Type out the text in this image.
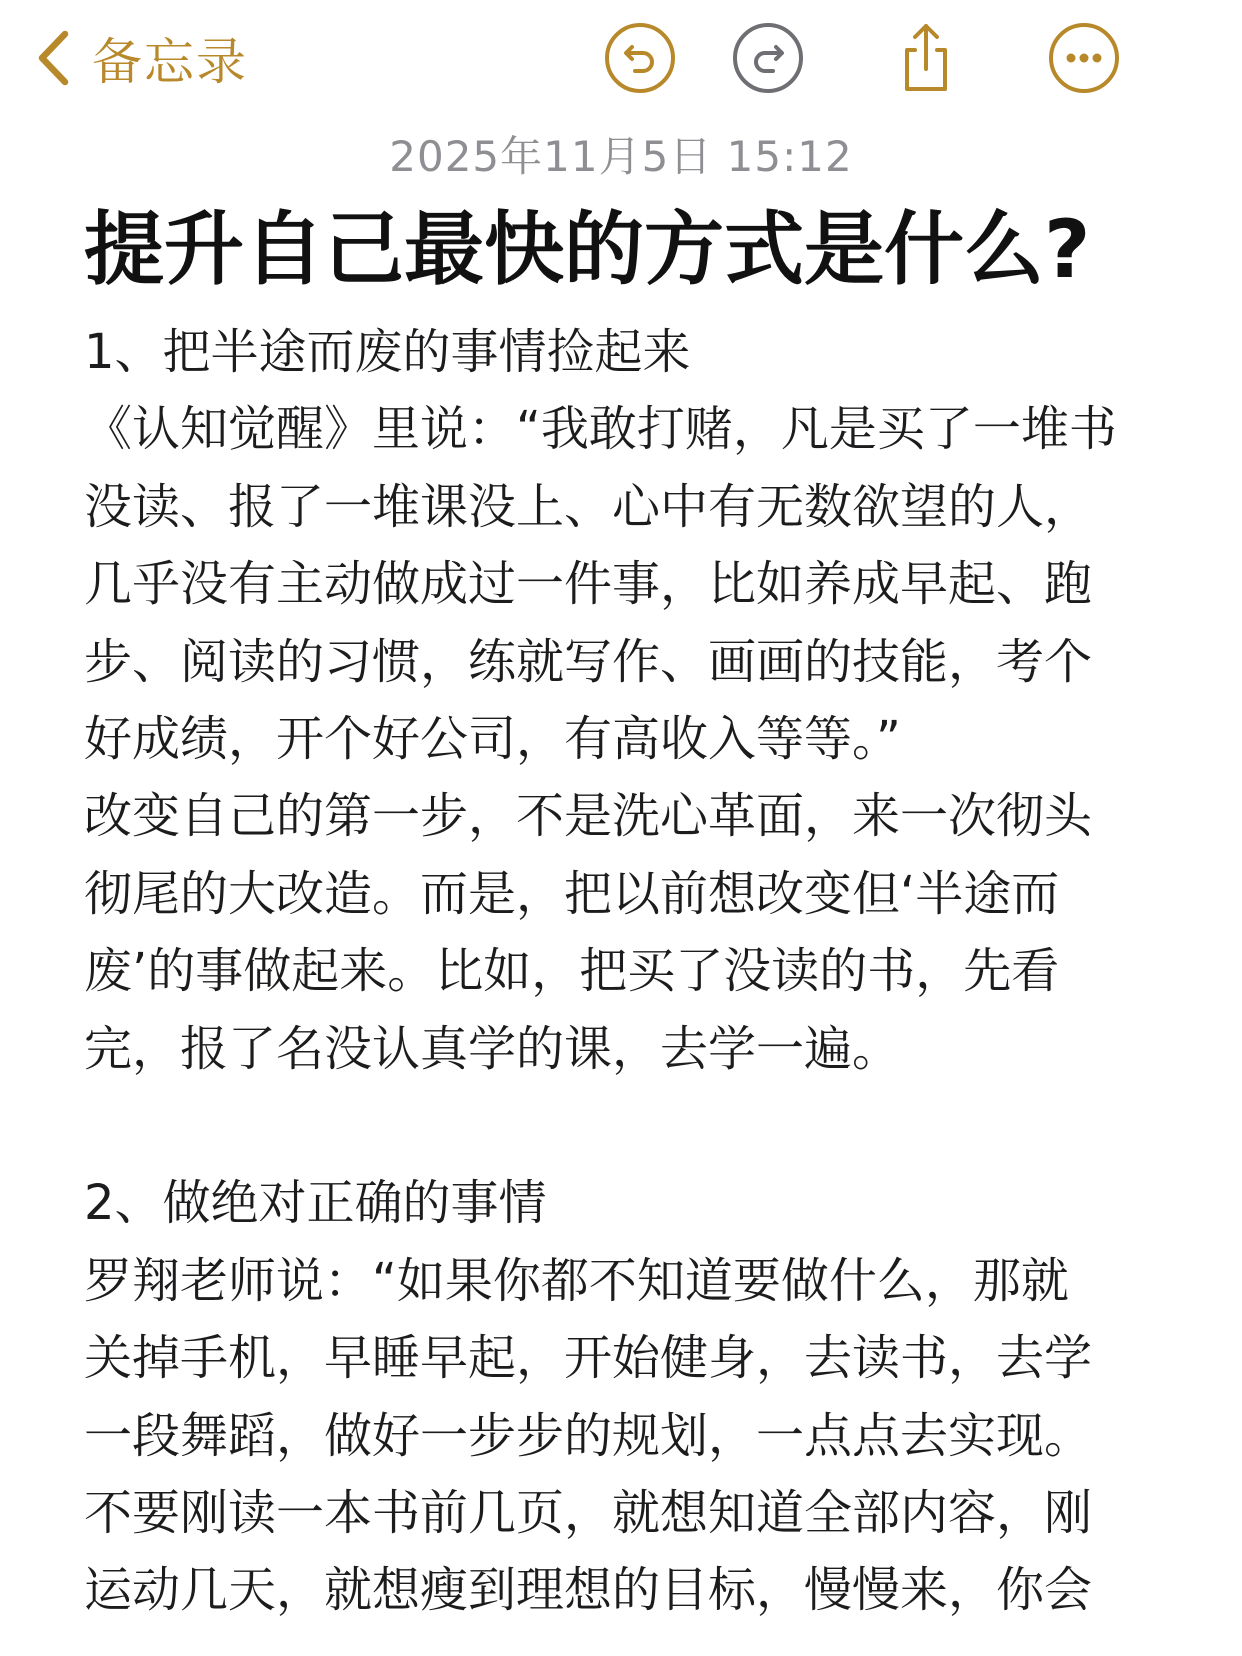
备忘录
2025年11月5日 15:12
提升自己最快的方式是什么?

1、把半途而废的事情捡起来

《认知觉醒》里说：“我敢打赌，凡是买了一堆书

没读、报了一堆课没上、心中有无数欲望的人，

几乎没有主动做成过一件事，比如养成早起、跑

步、阅读的习惯，练就写作、画画的技能，考个

好成绩，开个好公司，有高收入等等。”

改变自己的第一步，不是洗心革面，来一次彻头

彻尾的大改造。而是，把以前想改变但‘半途而

废’的事做起来。比如，把买了没读的书，先看

完，报了名没认真学的课，去学一遍。

2、做绝对正确的事情

罗翔老师说：“如果你都不知道要做什么，那就

关掉手机，早睡早起，开始健身，去读书，去学

一段舞蹈，做好一步步的规划，一点点去实现。

不要刚读一本书前几页，就想知道全部内容，刚

运动几天，就想瘦到理想的目标，慢慢来，你会
